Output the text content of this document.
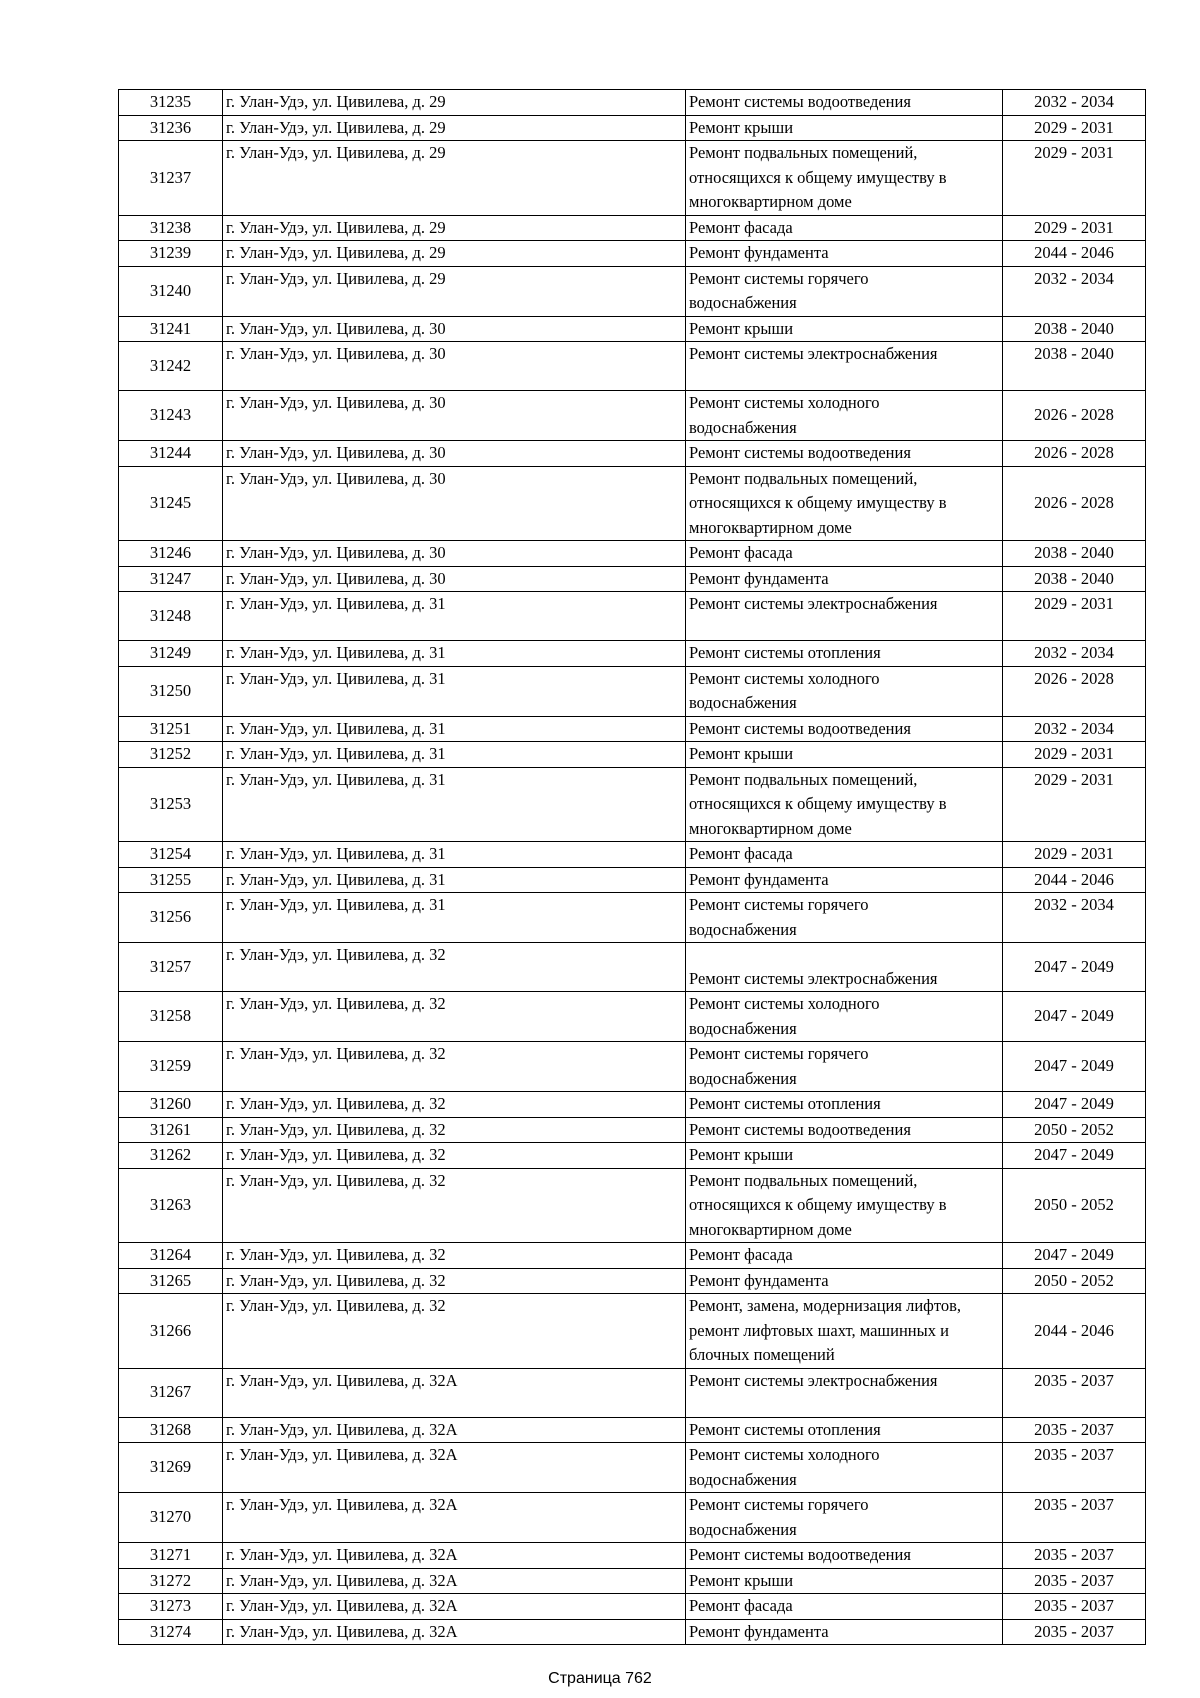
31235	г. Улан-Удэ, ул. Цивилева, д. 29	Ремонт системы водоотведения	2032 - 2034
31236	г. Улан-Удэ, ул. Цивилева, д. 29	Ремонт крыши	2029 - 2031
31237	г. Улан-Удэ, ул. Цивилева, д. 29	Ремонт подвальных помещений,
относящихся к общему имуществу в
многоквартирном доме	2029 - 2031
31238	г. Улан-Удэ, ул. Цивилева, д. 29	Ремонт фасада	2029 - 2031
31239	г. Улан-Удэ, ул. Цивилева, д. 29	Ремонт фундамента	2044 - 2046
31240	г. Улан-Удэ, ул. Цивилева, д. 29	Ремонт системы горячего
водоснабжения	2032 - 2034
31241	г. Улан-Удэ, ул. Цивилева, д. 30	Ремонт крыши	2038 - 2040
31242	г. Улан-Удэ, ул. Цивилева, д. 30	Ремонт системы электроснабжения	2038 - 2040
31243	г. Улан-Удэ, ул. Цивилева, д. 30	Ремонт системы холодного
водоснабжения	2026 - 2028
31244	г. Улан-Удэ, ул. Цивилева, д. 30	Ремонт системы водоотведения	2026 - 2028
31245	г. Улан-Удэ, ул. Цивилева, д. 30	Ремонт подвальных помещений,
относящихся к общему имуществу в
многоквартирном доме	2026 - 2028
31246	г. Улан-Удэ, ул. Цивилева, д. 30	Ремонт фасада	2038 - 2040
31247	г. Улан-Удэ, ул. Цивилева, д. 30	Ремонт фундамента	2038 - 2040
31248	г. Улан-Удэ, ул. Цивилева, д. 31	Ремонт системы электроснабжения	2029 - 2031
31249	г. Улан-Удэ, ул. Цивилева, д. 31	Ремонт системы отопления	2032 - 2034
31250	г. Улан-Удэ, ул. Цивилева, д. 31	Ремонт системы холодного
водоснабжения	2026 - 2028
31251	г. Улан-Удэ, ул. Цивилева, д. 31	Ремонт системы водоотведения	2032 - 2034
31252	г. Улан-Удэ, ул. Цивилева, д. 31	Ремонт крыши	2029 - 2031
31253	г. Улан-Удэ, ул. Цивилева, д. 31	Ремонт подвальных помещений,
относящихся к общему имуществу в
многоквартирном доме	2029 - 2031
31254	г. Улан-Удэ, ул. Цивилева, д. 31	Ремонт фасада	2029 - 2031
31255	г. Улан-Удэ, ул. Цивилева, д. 31	Ремонт фундамента	2044 - 2046
31256	г. Улан-Удэ, ул. Цивилева, д. 31	Ремонт системы горячего
водоснабжения	2032 - 2034
31257	г. Улан-Удэ, ул. Цивилева, д. 32	Ремонт системы электроснабжения	2047 - 2049
31258	г. Улан-Удэ, ул. Цивилева, д. 32	Ремонт системы холодного
водоснабжения	2047 - 2049
31259	г. Улан-Удэ, ул. Цивилева, д. 32	Ремонт системы горячего
водоснабжения	2047 - 2049
31260	г. Улан-Удэ, ул. Цивилева, д. 32	Ремонт системы отопления	2047 - 2049
31261	г. Улан-Удэ, ул. Цивилева, д. 32	Ремонт системы водоотведения	2050 - 2052
31262	г. Улан-Удэ, ул. Цивилева, д. 32	Ремонт крыши	2047 - 2049
31263	г. Улан-Удэ, ул. Цивилева, д. 32	Ремонт подвальных помещений,
относящихся к общему имуществу в
многоквартирном доме	2050 - 2052
31264	г. Улан-Удэ, ул. Цивилева, д. 32	Ремонт фасада	2047 - 2049
31265	г. Улан-Удэ, ул. Цивилева, д. 32	Ремонт фундамента	2050 - 2052
31266	г. Улан-Удэ, ул. Цивилева, д. 32	Ремонт, замена, модернизация лифтов,
ремонт лифтовых шахт, машинных и
блочных помещений	2044 - 2046
31267	г. Улан-Удэ, ул. Цивилева, д. 32А	Ремонт системы электроснабжения	2035 - 2037
31268	г. Улан-Удэ, ул. Цивилева, д. 32А	Ремонт системы отопления	2035 - 2037
31269	г. Улан-Удэ, ул. Цивилева, д. 32А	Ремонт системы холодного
водоснабжения	2035 - 2037
31270	г. Улан-Удэ, ул. Цивилева, д. 32А	Ремонт системы горячего
водоснабжения	2035 - 2037
31271	г. Улан-Удэ, ул. Цивилева, д. 32А	Ремонт системы водоотведения	2035 - 2037
31272	г. Улан-Удэ, ул. Цивилева, д. 32А	Ремонт крыши	2035 - 2037
31273	г. Улан-Удэ, ул. Цивилева, д. 32А	Ремонт фасада	2035 - 2037
31274	г. Улан-Удэ, ул. Цивилева, д. 32А	Ремонт фундамента	2035 - 2037
Страница 762
